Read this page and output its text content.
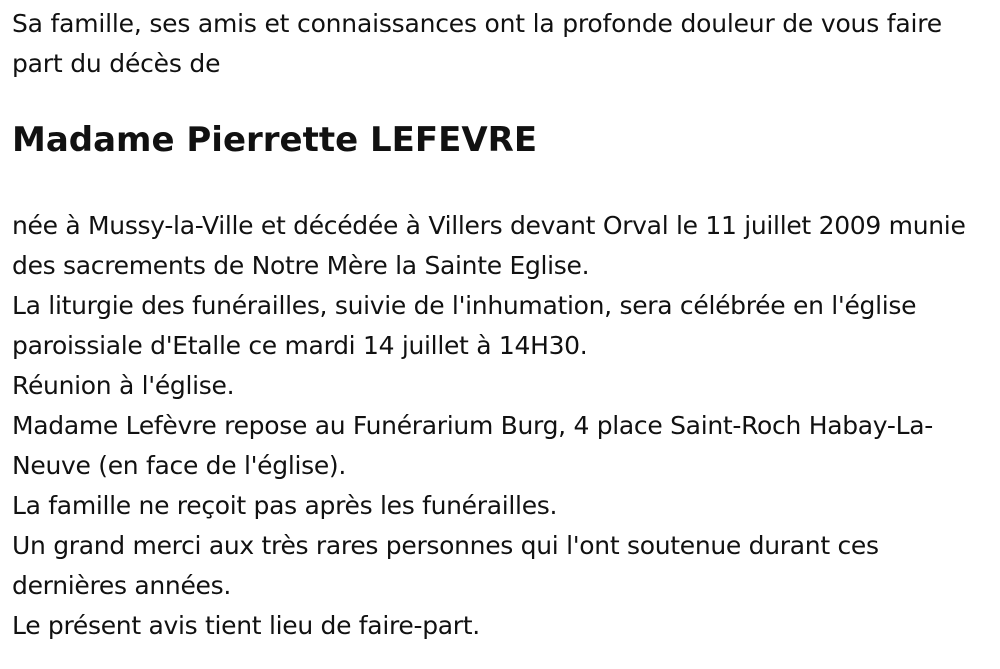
Sa famille, ses amis et connaissances ont la profonde douleur de vous faire part du décès de

Madame Pierrette LEFEVRE
née à Mussy-la-Ville et décédée à Villers devant Orval le 11 juillet 2009 munie des sacrements de Notre Mère la Sainte Eglise.
La liturgie des funérailles, suivie de l'inhumation, sera célébrée en l'église paroissiale d'Etalle ce mardi 14 juillet à 14H30.
Réunion à l'église.
Madame Lefèvre repose au Funérarium Burg, 4 place Saint-Roch Habay-La-Neuve (en face de l'église).
La famille ne reçoit pas après les funérailles.
Un grand merci aux très rares personnes qui l'ont soutenue durant ces dernières années.
Le présent avis tient lieu de faire-part.
